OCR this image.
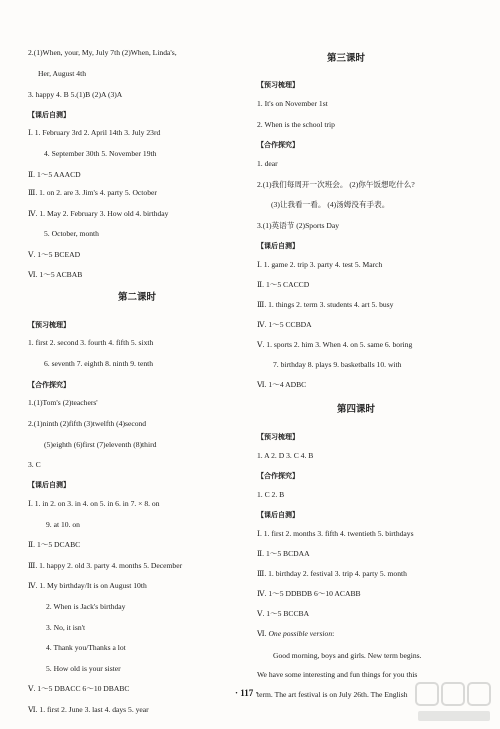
2.(1)When, your, My, July 7th (2)When, Linda's,
Her, August 4th
3. happy 4. B 5.(1)B (2)A (3)A
【课后自测】
Ⅰ. 1. February 3rd 2. April 14th 3. July 23rd
4. September 30th 5. November 19th
Ⅱ. 1～5 AAACD
Ⅲ. 1. on 2. are 3. Jim's 4. party 5. October
Ⅳ. 1. May 2. February 3. How old 4. birthday
5. October, month
Ⅴ. 1～5 BCEAD
Ⅵ. 1～5 ACBAB
第二课时
【预习梳理】
1. first 2. second 3. fourth 4. fifth 5. sixth
6. seventh 7. eighth 8. ninth 9. tenth
【合作探究】
1.(1)Tom's (2)teachers'
2.(1)ninth (2)fifth (3)twelfth (4)second
(5)eighth (6)first (7)eleventh (8)third
3. C
【课后自测】
Ⅰ. 1. in 2. on 3. in 4. on 5. in 6. in 7. × 8. on
9. at 10. on
Ⅱ. 1～5 DCABC
Ⅲ. 1. happy 2. old 3. party 4. months 5. December
Ⅳ. 1. My birthday/It is on August 10th
2. When is Jack's birthday
3. No, it isn't
4. Thank you/Thanks a lot
5. How old is your sister
Ⅴ. 1～5 DBACC 6～10 DBABC
Ⅵ. 1. first 2. June 3. last 4. days 5. year
第三课时
【预习梳理】
1. It's on November 1st
2. When is the school trip
【合作探究】
1. dear
2.(1)我们每周开一次班会。 (2)你午饭想吃什么?
(3)让我看一看。 (4)汤姆没有手表。
3.(1)英语节 (2)Sports Day
【课后自测】
Ⅰ. 1. game 2. trip 3. party 4. test 5. March
Ⅱ. 1～5 CACCD
Ⅲ. 1. things 2. term 3. students 4. art 5. busy
Ⅳ. 1～5 CCBDA
Ⅴ. 1. sports 2. him 3. When 4. on 5. same 6. boring
7. birthday 8. plays 9. basketballs 10. with
Ⅵ. 1～4 ADBC
第四课时
【预习梳理】
1. A 2. D 3. C 4. B
【合作探究】
1. C 2. B
【课后自测】
Ⅰ. 1. first 2. months 3. fifth 4. twentieth 5. birthdays
Ⅱ. 1～5 BCDAA
Ⅲ. 1. birthday 2. festival 3. trip 4. party 5. month
Ⅳ. 1～5 DDBDB 6～10 ACABB
Ⅴ. 1～5 BCCBA
Ⅵ. One possible version:
Good morning, boys and girls. New term begins.
We have some interesting and fun things for you this
term. The art festival is on July 26th. The English
· 117 ·
